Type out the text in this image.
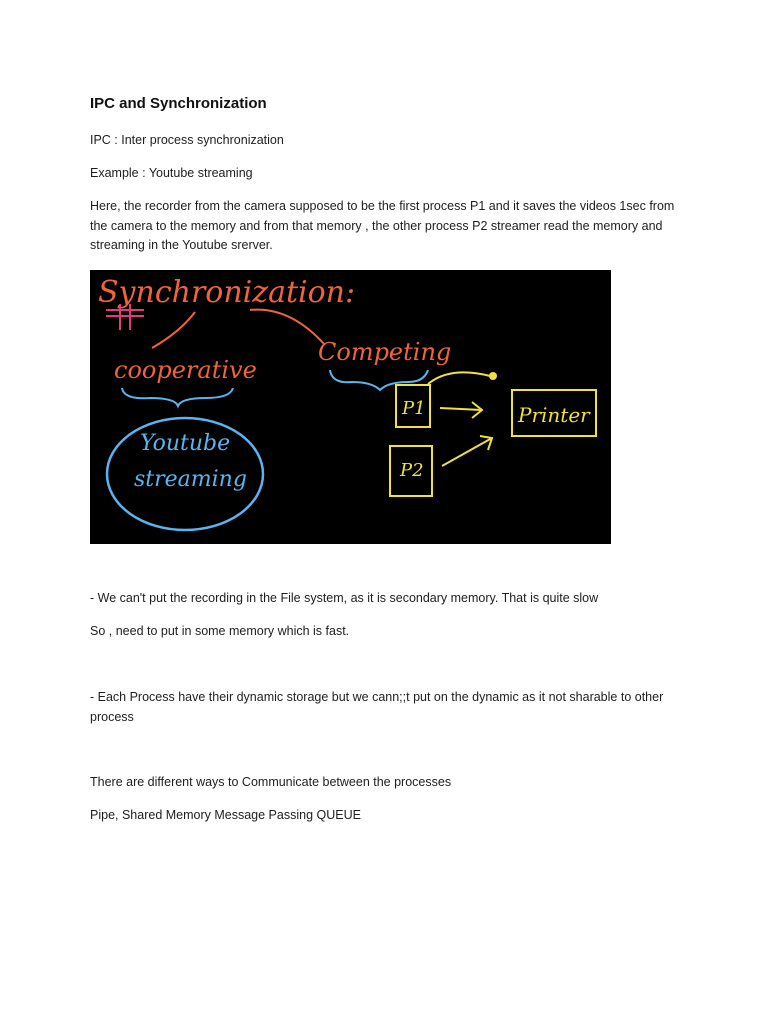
IPC and Synchronization

IPC : Inter process synchronization

Example : Youtube streaming

Here, the recorder from the camera supposed to be the first process P1 and it saves the videos 1sec from the camera to the memory and from that memory , the other process P2 streamer read the memory and streaming in the Youtube srerver.

Synchronization:
cooperative
Competing
Youtube
streaming
P1
P2
Printer

- We can't put the recording in the File system, as it is secondary memory. That is quite slow

So , need to put in some memory which is fast.

- Each Process have their dynamic storage but we cann;;t put on the dynamic as it not sharable to other process

There are different ways to Communicate between the processes

Pipe, Shared Memory Message Passing QUEUE
